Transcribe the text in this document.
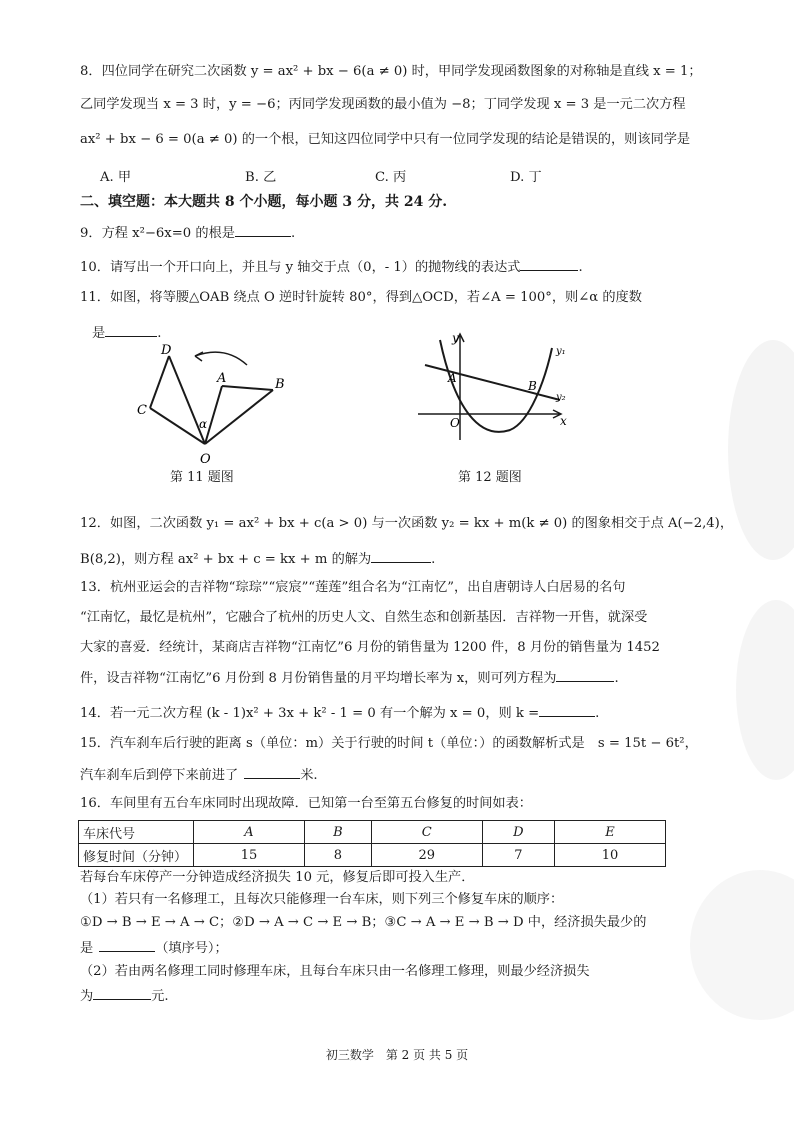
8．四位同学在研究二次函数 y = ax² + bx − 6(a ≠ 0) 时，甲同学发现函数图象的对称轴是直线 x = 1；
乙同学发现当 x = 3 时，y = −6；丙同学发现函数的最小值为 −8；丁同学发现 x = 3 是一元二次方程
ax² + bx − 6 = 0(a ≠ 0) 的一个根，已知这四位同学中只有一位同学发现的结论是错误的，则该同学是
A. 甲	B. 乙	C. 丙	D. 丁
二、填空题：本大题共 8 个小题，每小题 3 分，共 24 分.
9．方程 x²−6x=0 的根是	.
10．请写出一个开口向上，并且与 y 轴交于点（0，- 1）的抛物线的表达式	.
11．如图，将等腰△OAB 绕点 O 逆时针旋转 80°，得到△OCD，若∠A = 100°，则∠α 的度数
是	.
D
A	B
C
O
α
第 11 题图
y
y₁
y₂
A
B
O	x
第 12 题图
12．如图，二次函数 y₁ = ax² + bx + c(a > 0) 与一次函数 y₂ = kx + m(k ≠ 0) 的图象相交于点 A(−2,4)，
B(8,2)，则方程 ax² + bx + c = kx + m 的解为	.
13．杭州亚运会的吉祥物“琮琮”“宸宸”“莲莲”组合名为“江南忆”，出自唐朝诗人白居易的名句
“江南忆，最忆是杭州”，它融合了杭州的历史人文、自然生态和创新基因．吉祥物一开售，就深受
大家的喜爱．经统计，某商店吉祥物“江南忆”6 月份的销售量为 1200 件，8 月份的销售量为 1452
件，设吉祥物“江南忆”6 月份到 8 月份销售量的月平均增长率为 x，则可列方程为	.
14．若一元二次方程 (k - 1)x² + 3x + k² - 1 = 0 有一个解为 x = 0，则 k =	.
15．汽车刹车后行驶的距离 s（单位：m）关于行驶的时间 t（单位：）的函数解析式是　s = 15t − 6t²，
汽车刹车后到停下来前进了	米.
16．车间里有五台车床同时出现故障．已知第一台至第五台修复的时间如表：
车床代号	A	B	C	D	E
修复时间（分钟）	15	8	29	7	10
若每台车床停产一分钟造成经济损失 10 元，修复后即可投入生产．
（1）若只有一名修理工，且每次只能修理一台车床，则下列三个修复车床的顺序：
①D → B → E → A → C；②D → A → C → E → B；③C → A → E → B → D 中，经济损失最少的
是	（填序号）；
（2）若由两名修理工同时修理车床，且每台车床只由一名修理工修理，则最少经济损失
为	元.
初三数学　第 2 页 共 5 页
